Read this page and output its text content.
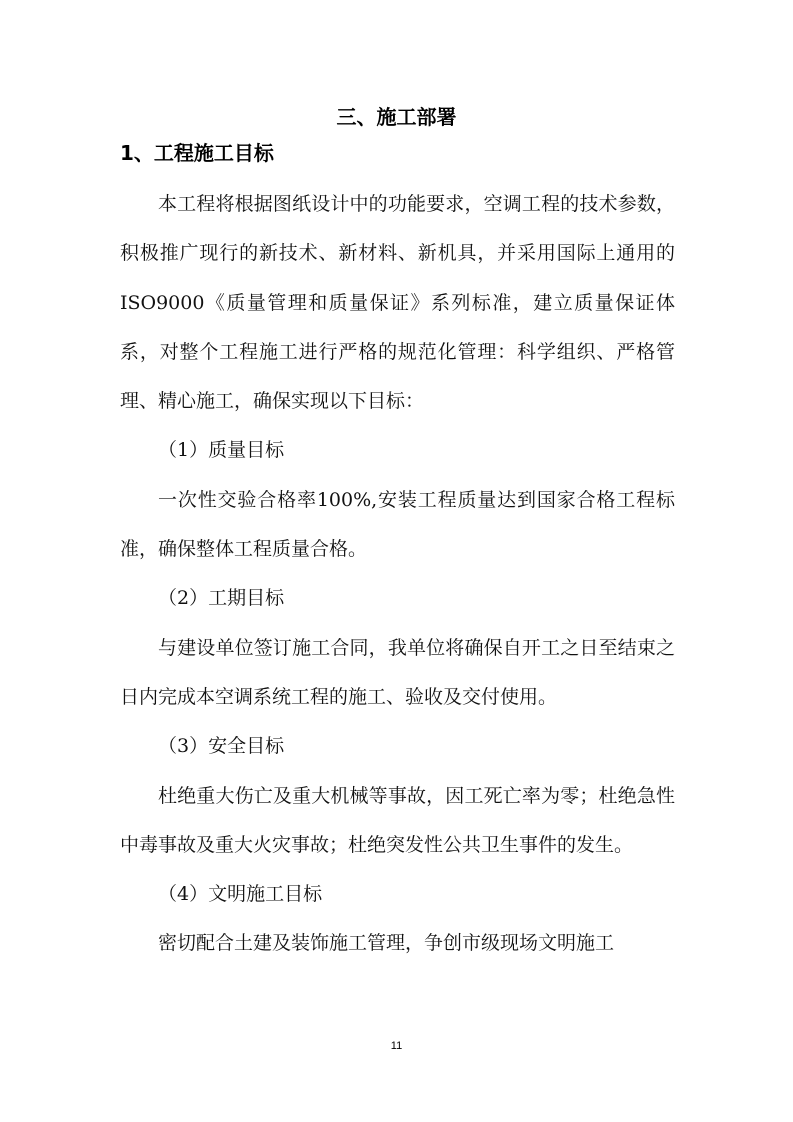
三、施工部署
1、工程施工目标

本工程将根据图纸设计中的功能要求，空调工程的技术参数，积极推广现行的新技术、新材料、新机具，并采用国际上通用的ISO9000《质量管理和质量保证》系列标准，建立质量保证体系，对整个工程施工进行严格的规范化管理：科学组织、严格管理、精心施工，确保实现以下目标：

（1）质量目标

一次性交验合格率100%,安装工程质量达到国家合格工程标准，确保整体工程质量合格。

（2）工期目标

与建设单位签订施工合同，我单位将确保自开工之日至结束之日内完成本空调系统工程的施工、验收及交付使用。

（3）安全目标

杜绝重大伤亡及重大机械等事故，因工死亡率为零；杜绝急性中毒事故及重大火灾事故；杜绝突发性公共卫生事件的发生。

（4）文明施工目标

密切配合土建及装饰施工管理，争创市级现场文明施工

11
